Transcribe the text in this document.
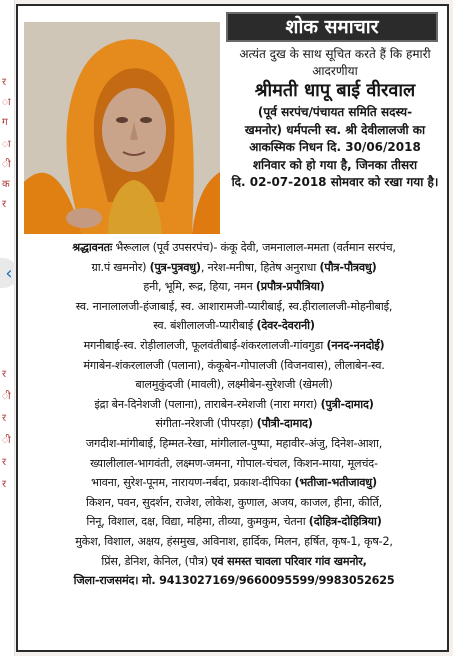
र
ा
ग
ा
ी
क
र
र
ी
र
ी
र
र
‹
शोक समाचार
अत्यंत दुख के साथ सूचित करते हैं कि हमारी आदरणीया
श्रीमती धापू बाई वीरवाल
(पूर्व सरपंच/पंचायत समिति सदस्य-
खमनोर) धर्मपत्नी स्व. श्री देवीलालजी का
आकस्मिक निधन दि. 30/06/2018
शनिवार को हो गया है, जिनका तीसरा
दि. 02-07-2018 सोमवार को रखा गया है।
श्रद्धावनतः भैरूलाल (पूर्व उपसरपंच)- कंकू देवी, जमनालाल-ममता (वर्तमान सरपंच,
ग्रा.पं खमनोर) (पुत्र-पुत्रवधु), नरेश-मनीषा, हितेष अनुराधा (पौत्र-पौत्रवधु)
हनी, भूमि, रूद्र, हिया, नमन (प्रपौत्र-प्रपौत्रिया)
स्व. नानालालजी-हंजाबाई, स्व. आशारामजी-प्यारीबाई, स्व.हीरालालजी-मोहनीबाई,
स्व. बंशीलालजी-प्यारीबाई (देवर-देवरानी)
मगनीबाई-स्व. रोड़ीलालजी, फूलवंतीबाई-शंकरलालजी-गांवगुडा (ननद-ननदोई)
मंगाबेन-शंकरलालजी (पलाना), कंकूबेन-गोपालजी (विजनवास), लीलाबेन-स्व.
बालमुकुंदजी (मावली), लक्ष्मीबेन-सुरेशजी (खेमली)
इंद्रा बेन-दिनेशजी (पलाना), ताराबेन-रमेशजी (नारा मगरा) (पुत्री-दामाद)
संगीता-नरेशजी (पीपरड़ा) (पौत्री-दामाद)
जगदीश-मांगीबाई, हिम्मत-रेखा, मांगीलाल-पुष्पा, महावीर-अंजु, दिनेश-आशा,
ख्यालीलाल-भागवंती, लक्ष्मण-जमना, गोपाल-चंचल, किशन-माया, मूलचंद-
भावना, सुरेश-पूनम, नारायण-नर्बदा, प्रकाश-दीपिका (भतीजा-भतीजावधु)
किशन, पवन, सुदर्शन, राजेश, लोकेश, कुणाल, अजय, काजल, हीना, कीर्ति,
निनू, विशाल, दक्ष, विद्या, महिमा, तीव्या, कुमकुम, चेतना (दोहित्र-दोहित्रिया)
मुकेश, विशाल, अक्षय, हंसमुख, अविनाश, हार्दिक, मिलन, हर्षित, कृष-1, कृष-2,
प्रिंस, डेनिश, केनिल, (पौत्र) एवं समस्त चावला परिवार गांव खमनोर,
जिला-राजसमंद। मो. 9413027169/9660095599/9983052625
